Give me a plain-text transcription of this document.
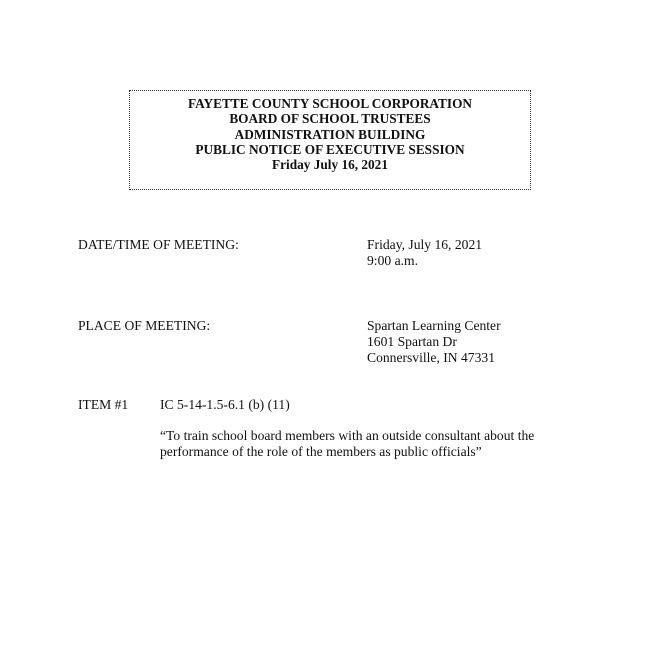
FAYETTE COUNTY SCHOOL CORPORATION
BOARD OF SCHOOL TRUSTEES
ADMINISTRATION BUILDING
PUBLIC NOTICE OF EXECUTIVE SESSION
Friday July 16, 2021
DATE/TIME OF MEETING:	Friday, July 16, 2021
9:00 a.m.
PLACE OF MEETING:	Spartan Learning Center
1601 Spartan Dr
Connersville, IN 47331
ITEM #1 IC 5-14-1.5-6.1 (b) (11)
“To train school board members with an outside consultant about the
performance of the role of the members as public officials”
